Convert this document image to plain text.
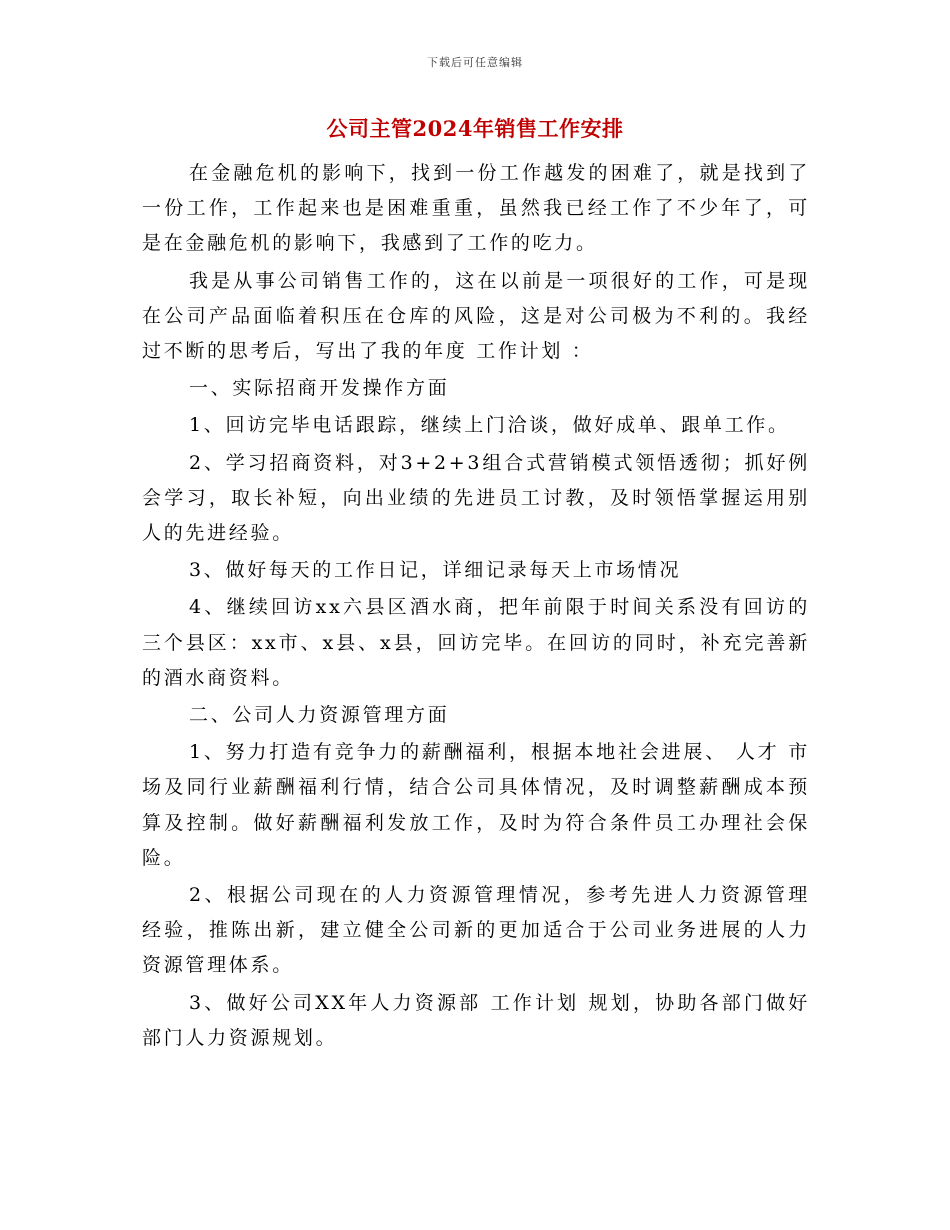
下载后可任意编辑
公司主管2024年销售工作安排

在金融危机的影响下，找到一份工作越发的困难了，就是找到了一份工作，工作起来也是困难重重，虽然我已经工作了不少年了，可是在金融危机的影响下，我感到了工作的吃力。

我是从事公司销售工作的，这在以前是一项很好的工作，可是现在公司产品面临着积压在仓库的风险，这是对公司极为不利的。我经过不断的思考后，写出了我的年度 工作计划 ：

一、实际招商开发操作方面

1、回访完毕电话跟踪，继续上门洽谈，做好成单、跟单工作。

2、学习招商资料，对3+2+3组合式营销模式领悟透彻；抓好例会学习，取长补短，向出业绩的先进员工讨教，及时领悟掌握运用别人的先进经验。

3、做好每天的工作日记，详细记录每天上市场情况

4、继续回访xx六县区酒水商，把年前限于时间关系没有回访的三个县区：xx市、x县、x县，回访完毕。在回访的同时，补充完善新的酒水商资料。

二、公司人力资源管理方面

1、努力打造有竞争力的薪酬福利，根据本地社会进展、 人才 市场及同行业薪酬福利行情，结合公司具体情况，及时调整薪酬成本预算及控制。做好薪酬福利发放工作，及时为符合条件员工办理社会保险。

2、根据公司现在的人力资源管理情况，参考先进人力资源管理经验，推陈出新，建立健全公司新的更加适合于公司业务进展的人力资源管理体系。

3、做好公司XX年人力资源部 工作计划 规划，协助各部门做好部门人力资源规划。
